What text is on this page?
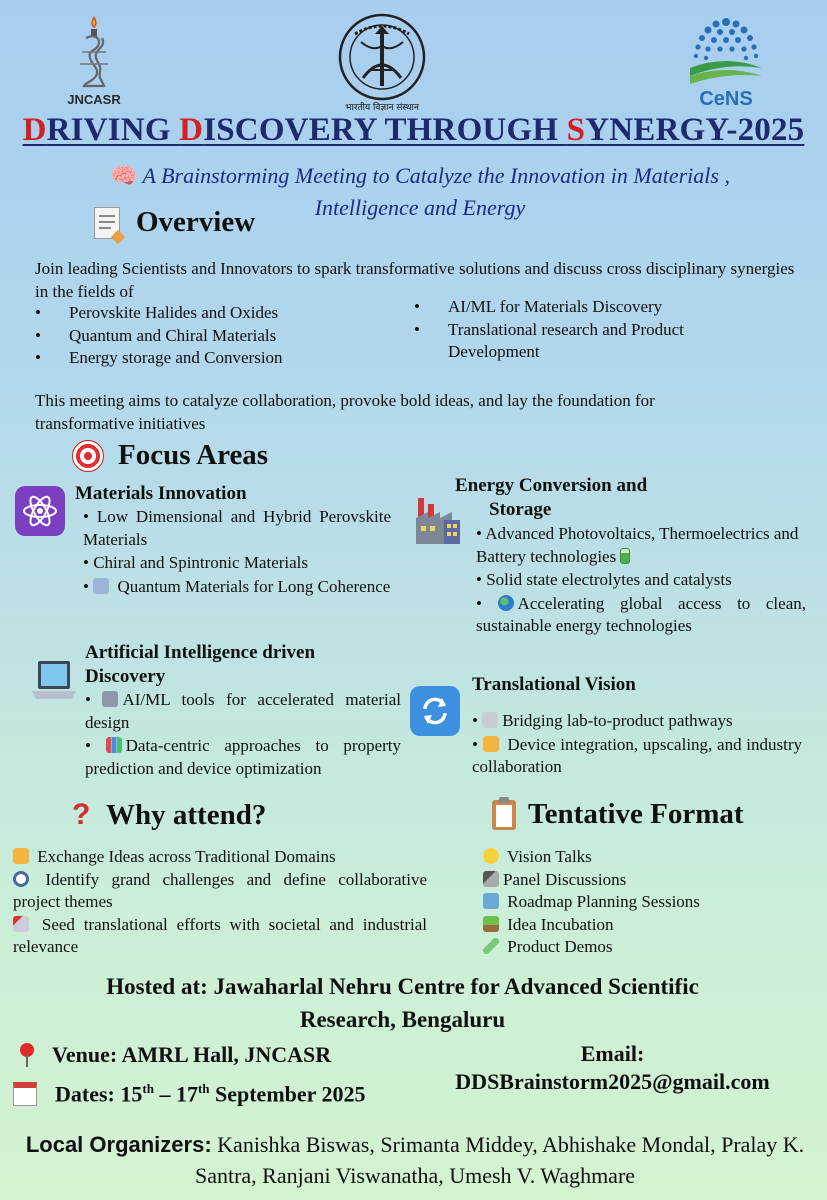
JNCASR
भारतीय विज्ञान संस्थान	CeNS
DRIVING DISCOVERY THROUGH SYNERGY-2025
🧠 A Brainstorming Meeting to Catalyze the Innovation in Materials ,
Intelligence and Energy
Overview
Join leading Scientists and Innovators to spark transformative solutions and discuss cross disciplinary synergies in the fields of
• Perovskite Halides and Oxides
• Quantum and Chiral Materials
• Energy storage and Conversion
• AI/ML for Materials Discovery
• Translational research and Product Development
This meeting aims to catalyze collaboration, provoke bold ideas, and lay the foundation for transformative initiatives
Focus Areas
Materials Innovation
• Low Dimensional and Hybrid Perovskite Materials
• Chiral and Spintronic Materials
•  Quantum Materials for Long Coherence
Energy Conversion and
Storage
• Advanced Photovoltaics, Thermoelectrics and Battery technologies
• Solid state electrolytes and catalysts
• Accelerating global access to clean, sustainable energy technologies
Artificial Intelligence driven
Discovery
• AI/ML tools for accelerated material design
• Data-centric approaches to property prediction and device optimization
Translational Vision
• Bridging lab-to-product pathways
•  Device integration, upscaling, and industry collaboration
? Why attend?
Exchange Ideas across Traditional Domains
Identify grand challenges and define collaborative project themes
Seed translational efforts with societal and industrial relevance
Tentative Format
Vision Talks
Panel Discussions
Roadmap Planning Sessions
Idea Incubation
Product Demos
Hosted at: Jawaharlal Nehru Centre for Advanced Scientific
Research, Bengaluru
Venue: AMRL Hall, JNCASR
Dates: 15th – 17th September 2025
Email:
DDSBrainstorm2025@gmail.com
Local Organizers: Kanishka Biswas, Srimanta Middey, Abhishake Mondal, Pralay K. Santra, Ranjani Viswanatha, Umesh V. Waghmare
